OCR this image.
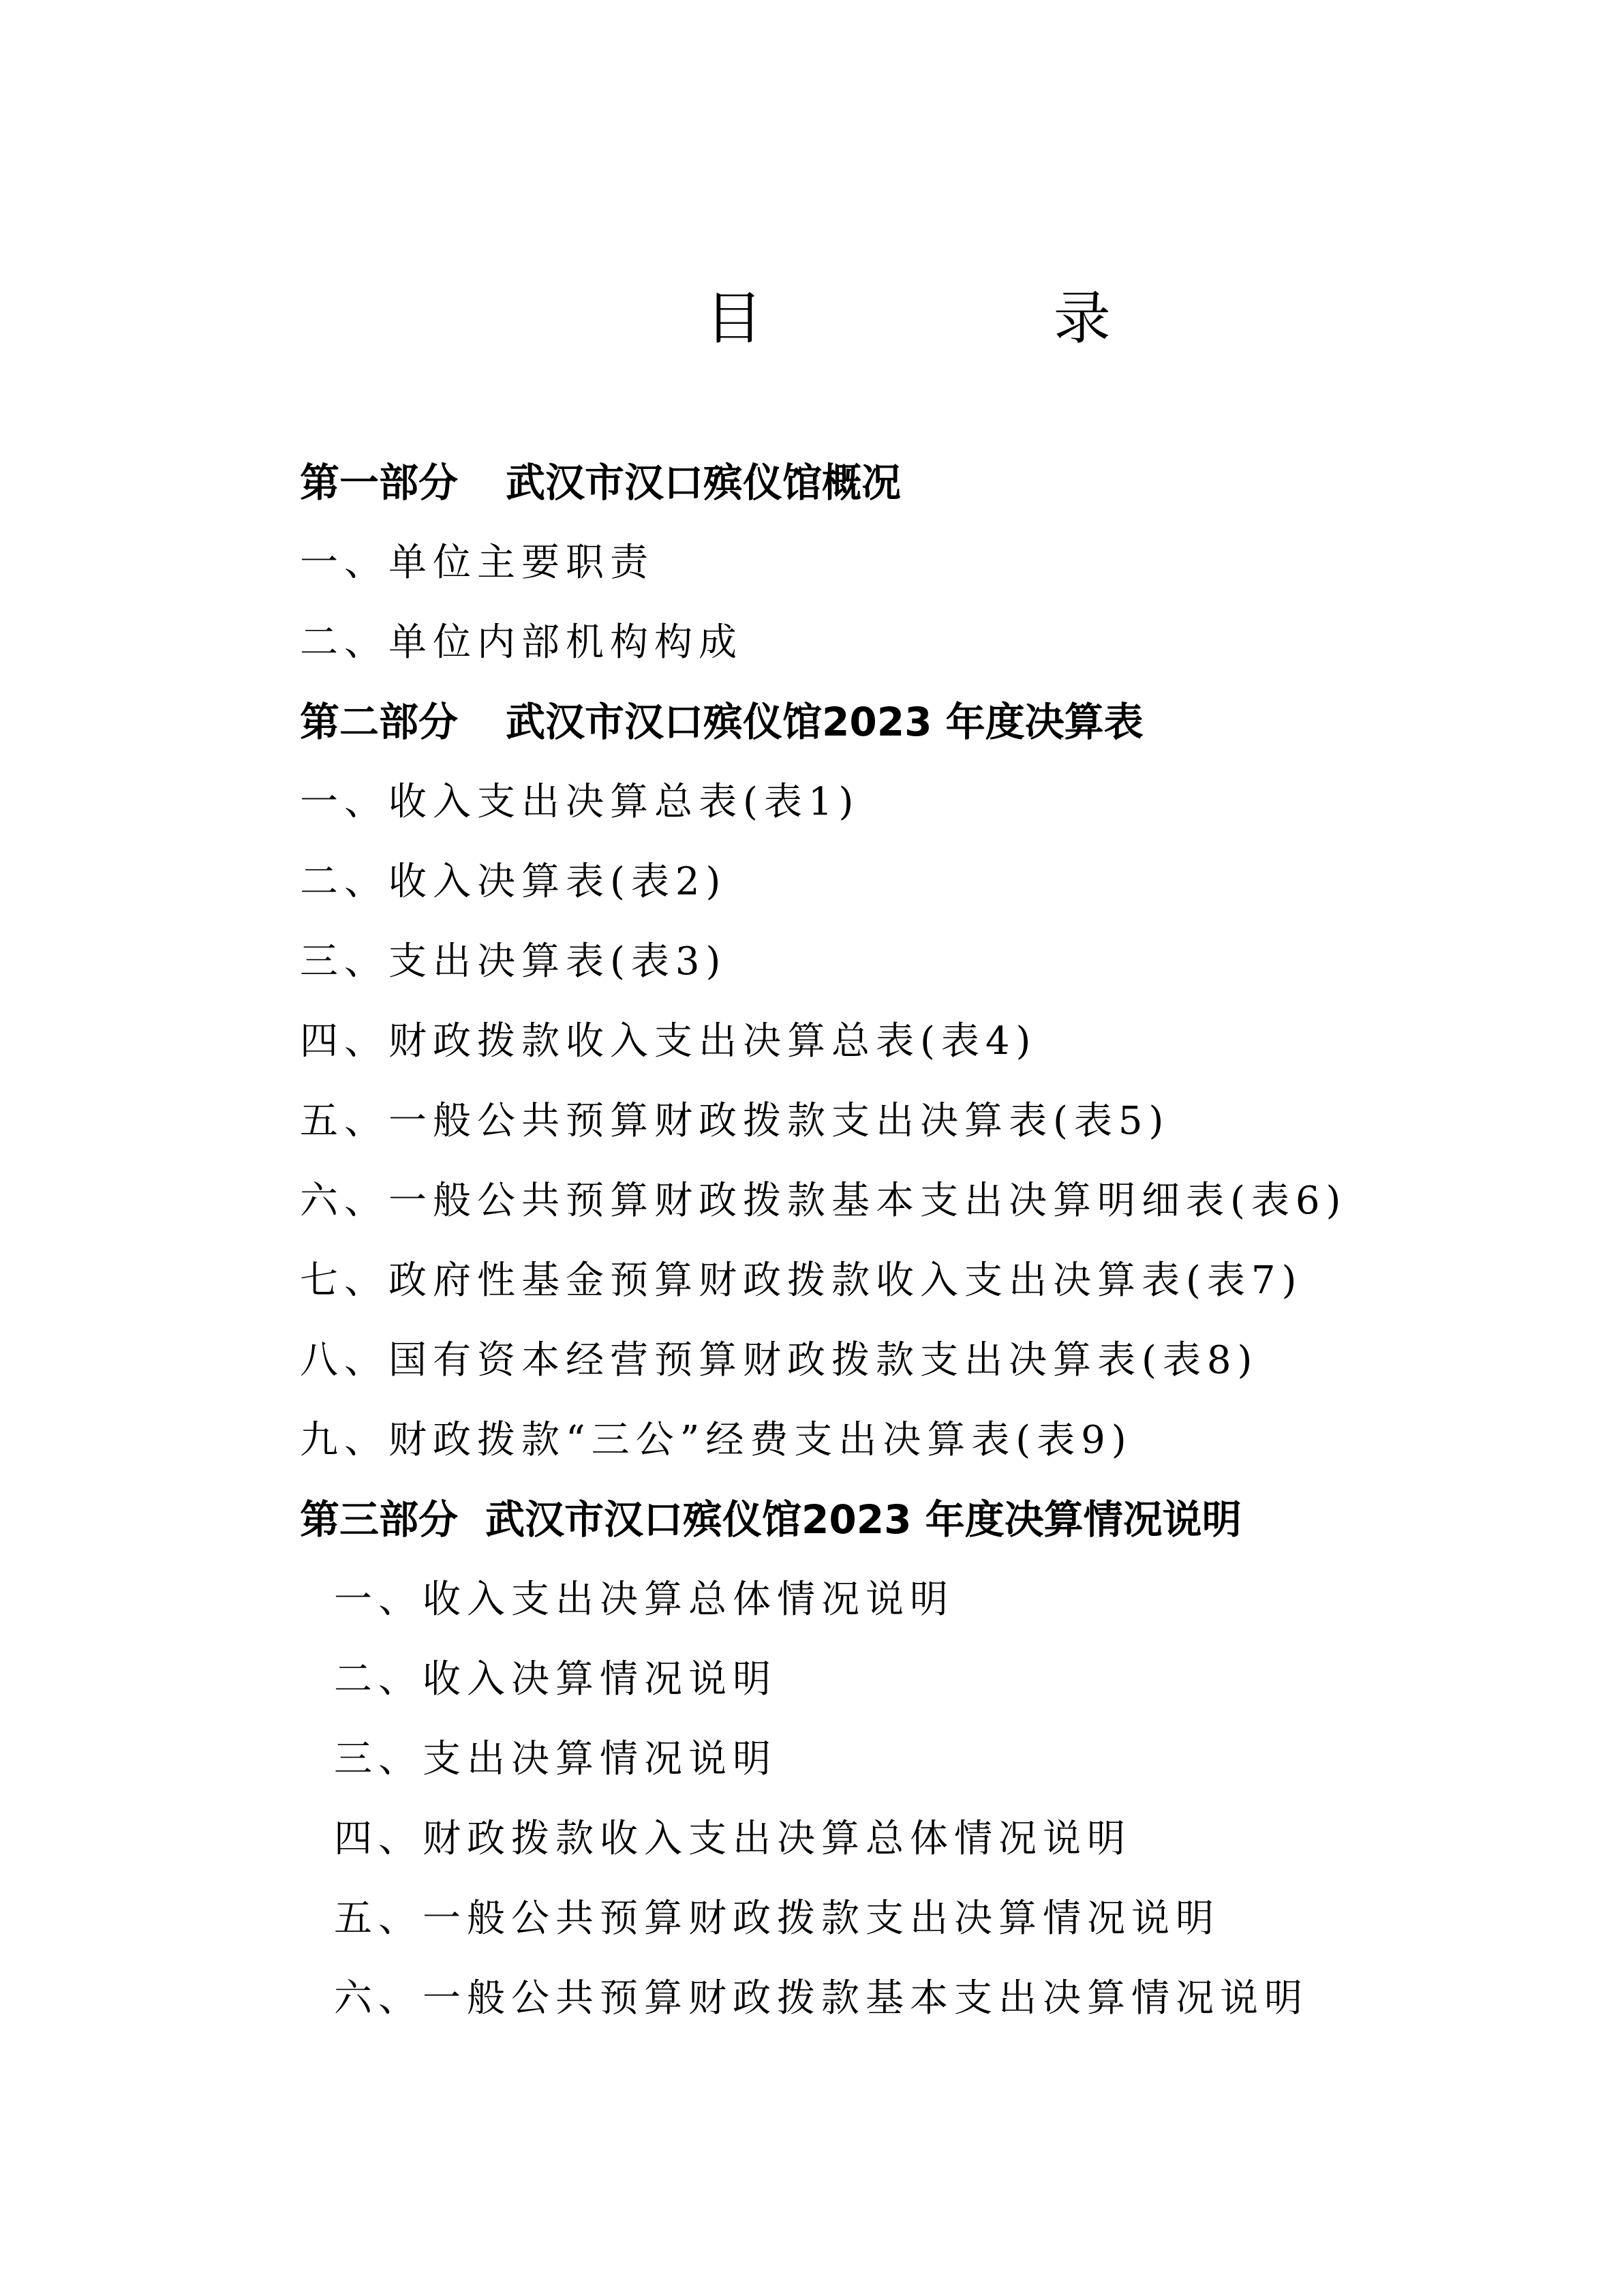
目 录
第一部分 武汉市汉口殡仪馆概况
一、单位主要职责
二、单位内部机构构成
第二部分 武汉市汉口殡仪馆2023 年度决算表
一、收入支出决算总表(表1)
二、收入决算表(表2)
三、支出决算表(表3)
四、财政拨款收入支出决算总表(表4)
五、一般公共预算财政拨款支出决算表(表5)
六、一般公共预算财政拨款基本支出决算明细表(表6)
七、政府性基金预算财政拨款收入支出决算表(表7)
八、国有资本经营预算财政拨款支出决算表(表8)
九、财政拨款“三公”经费支出决算表(表9)
第三部分 武汉市汉口殡仪馆2023 年度决算情况说明
一、收入支出决算总体情况说明
二、收入决算情况说明
三、支出决算情况说明
四、财政拨款收入支出决算总体情况说明
五、一般公共预算财政拨款支出决算情况说明
六、一般公共预算财政拨款基本支出决算情况说明
